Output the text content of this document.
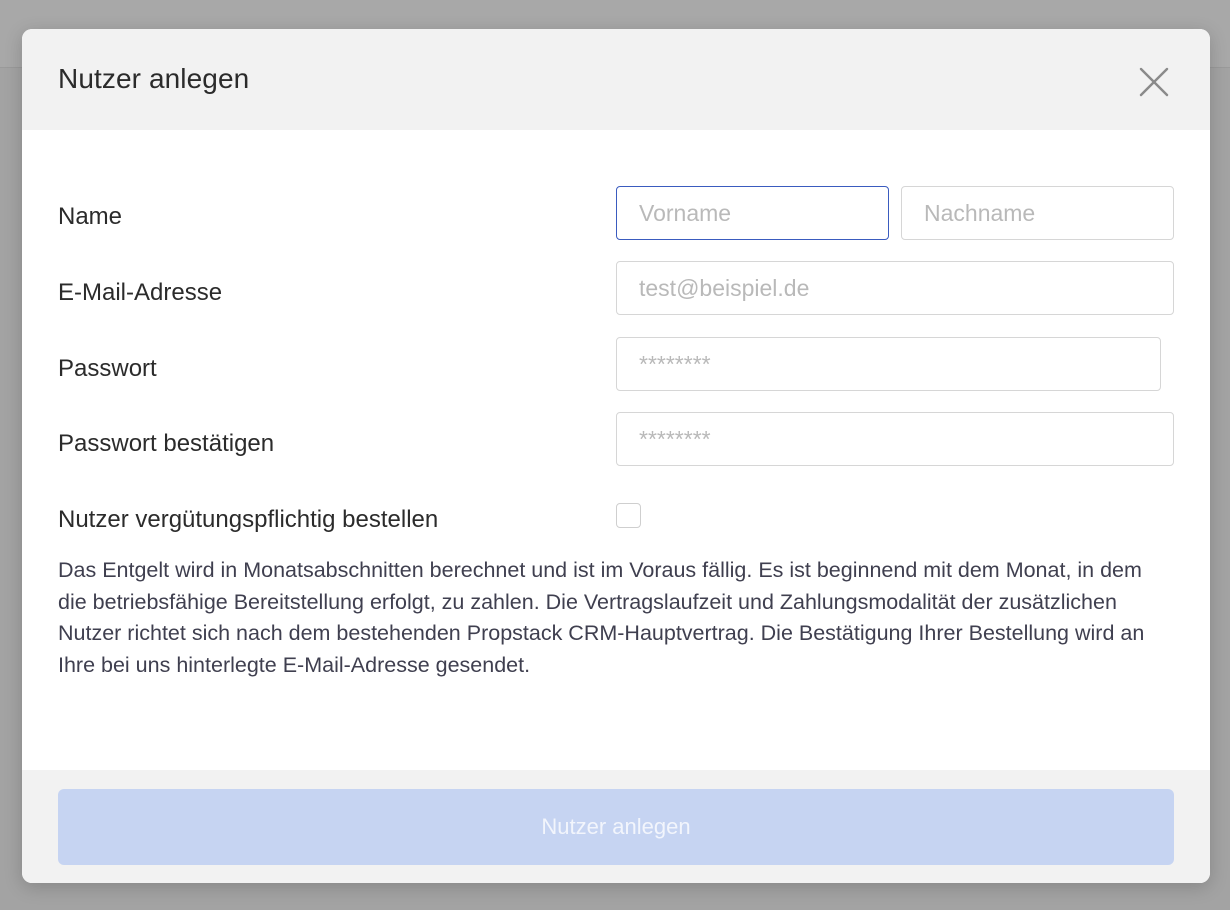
Nutzer anlegen
Name
Vorname
Nachname
E-Mail-Adresse
test@beispiel.de
Passwort
Passwort bestätigen
Nutzer vergütungspflichtig bestellen
Das Entgelt wird in Monatsabschnitten berechnet und ist im Voraus fällig. Es ist beginnend mit dem Monat, in dem die betriebsfähige Bereitstellung erfolgt, zu zahlen. Die Vertragslaufzeit und Zahlungsmodalität der zusätzlichen Nutzer richtet sich nach dem bestehenden Propstack CRM-Hauptvertrag. Die Bestätigung Ihrer Bestellung wird an Ihre bei uns hinterlegte E-Mail-Adresse gesendet.
Nutzer anlegen
